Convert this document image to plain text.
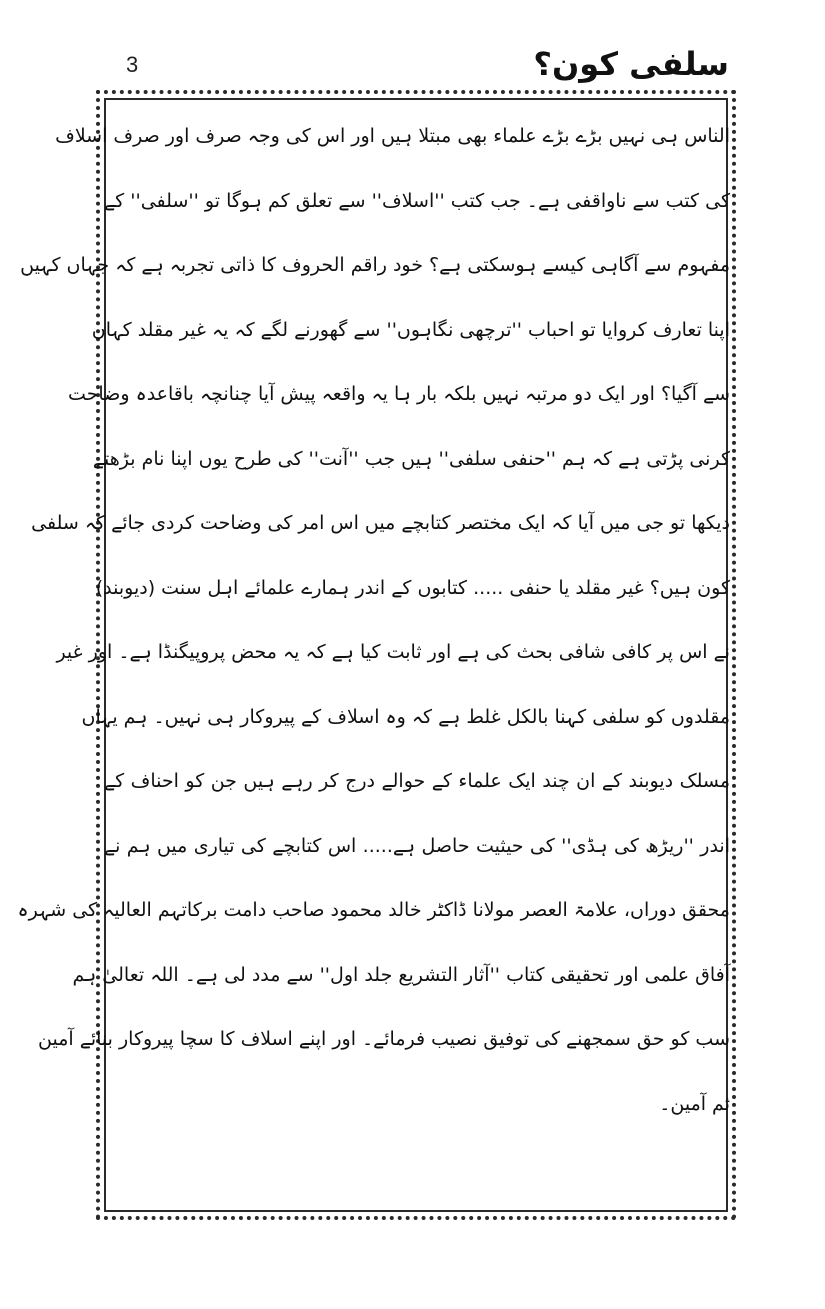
3	سلفی کون؟
الناس ہی نہیں بڑے بڑے علماء بھی مبتلا ہیں اور اس کی وجہ صرف اور صرف اسلاف
کی کتب سے ناواقفی ہے۔ جب کتب ''اسلاف'' سے تعلق کم ہوگا تو ''سلفی'' کے
مفہوم سے آگاہی کیسے ہوسکتی ہے؟ خود راقم الحروف کا ذاتی تجربہ ہے کہ جہاں کہیں
اپنا تعارف کروایا تو احباب ''ترچھی نگاہوں'' سے گھورنے لگے کہ یہ غیر مقلد کہاں
سے آگیا؟ اور ایک دو مرتبہ نہیں بلکہ بار ہا یہ واقعہ پیش آیا چنانچہ باقاعدہ وضاحت
کرنی پڑتی ہے کہ ہم ''حنفی سلفی'' ہیں جب ''آنت'' کی طرح یوں اپنا نام بڑھتے
دیکھا تو جی میں آیا کہ ایک مختصر کتابچے میں اس امر کی وضاحت کردی جائے کہ سلفی
کون ہیں؟ غیر مقلد یا حنفی ..... کتابوں کے اندر ہمارے علمائے اہل سنت (دیوبند)
نے اس پر کافی شافی بحث کی ہے اور ثابت کیا ہے کہ یہ محض پروپیگنڈا ہے۔ اور غیر
مقلدوں کو سلفی کہنا بالکل غلط ہے کہ وہ اسلاف کے پیروکار ہی نہیں۔ ہم یہاں
مسلک دیوبند کے ان چند ایک علماء کے حوالے درج کر رہے ہیں جن کو احناف کے
اندر ''ریڑھ کی ہڈی'' کی حیثیت حاصل ہے..... اس کتابچے کی تیاری میں ہم نے
محقق دوراں، علامۃ العصر مولانا ڈاکٹر خالد محمود صاحب دامت برکاتہم العالیہ کی شہرہ
آفاق علمی اور تحقیقی کتاب ''آثار التشریع جلد اول'' سے مدد لی ہے۔ اللہ تعالیٰ ہم
سب کو حق سمجھنے کی توفیق نصیب فرمائے۔ اور اپنے اسلاف کا سچا پیروکار بنائے آمین
ثم آمین۔
